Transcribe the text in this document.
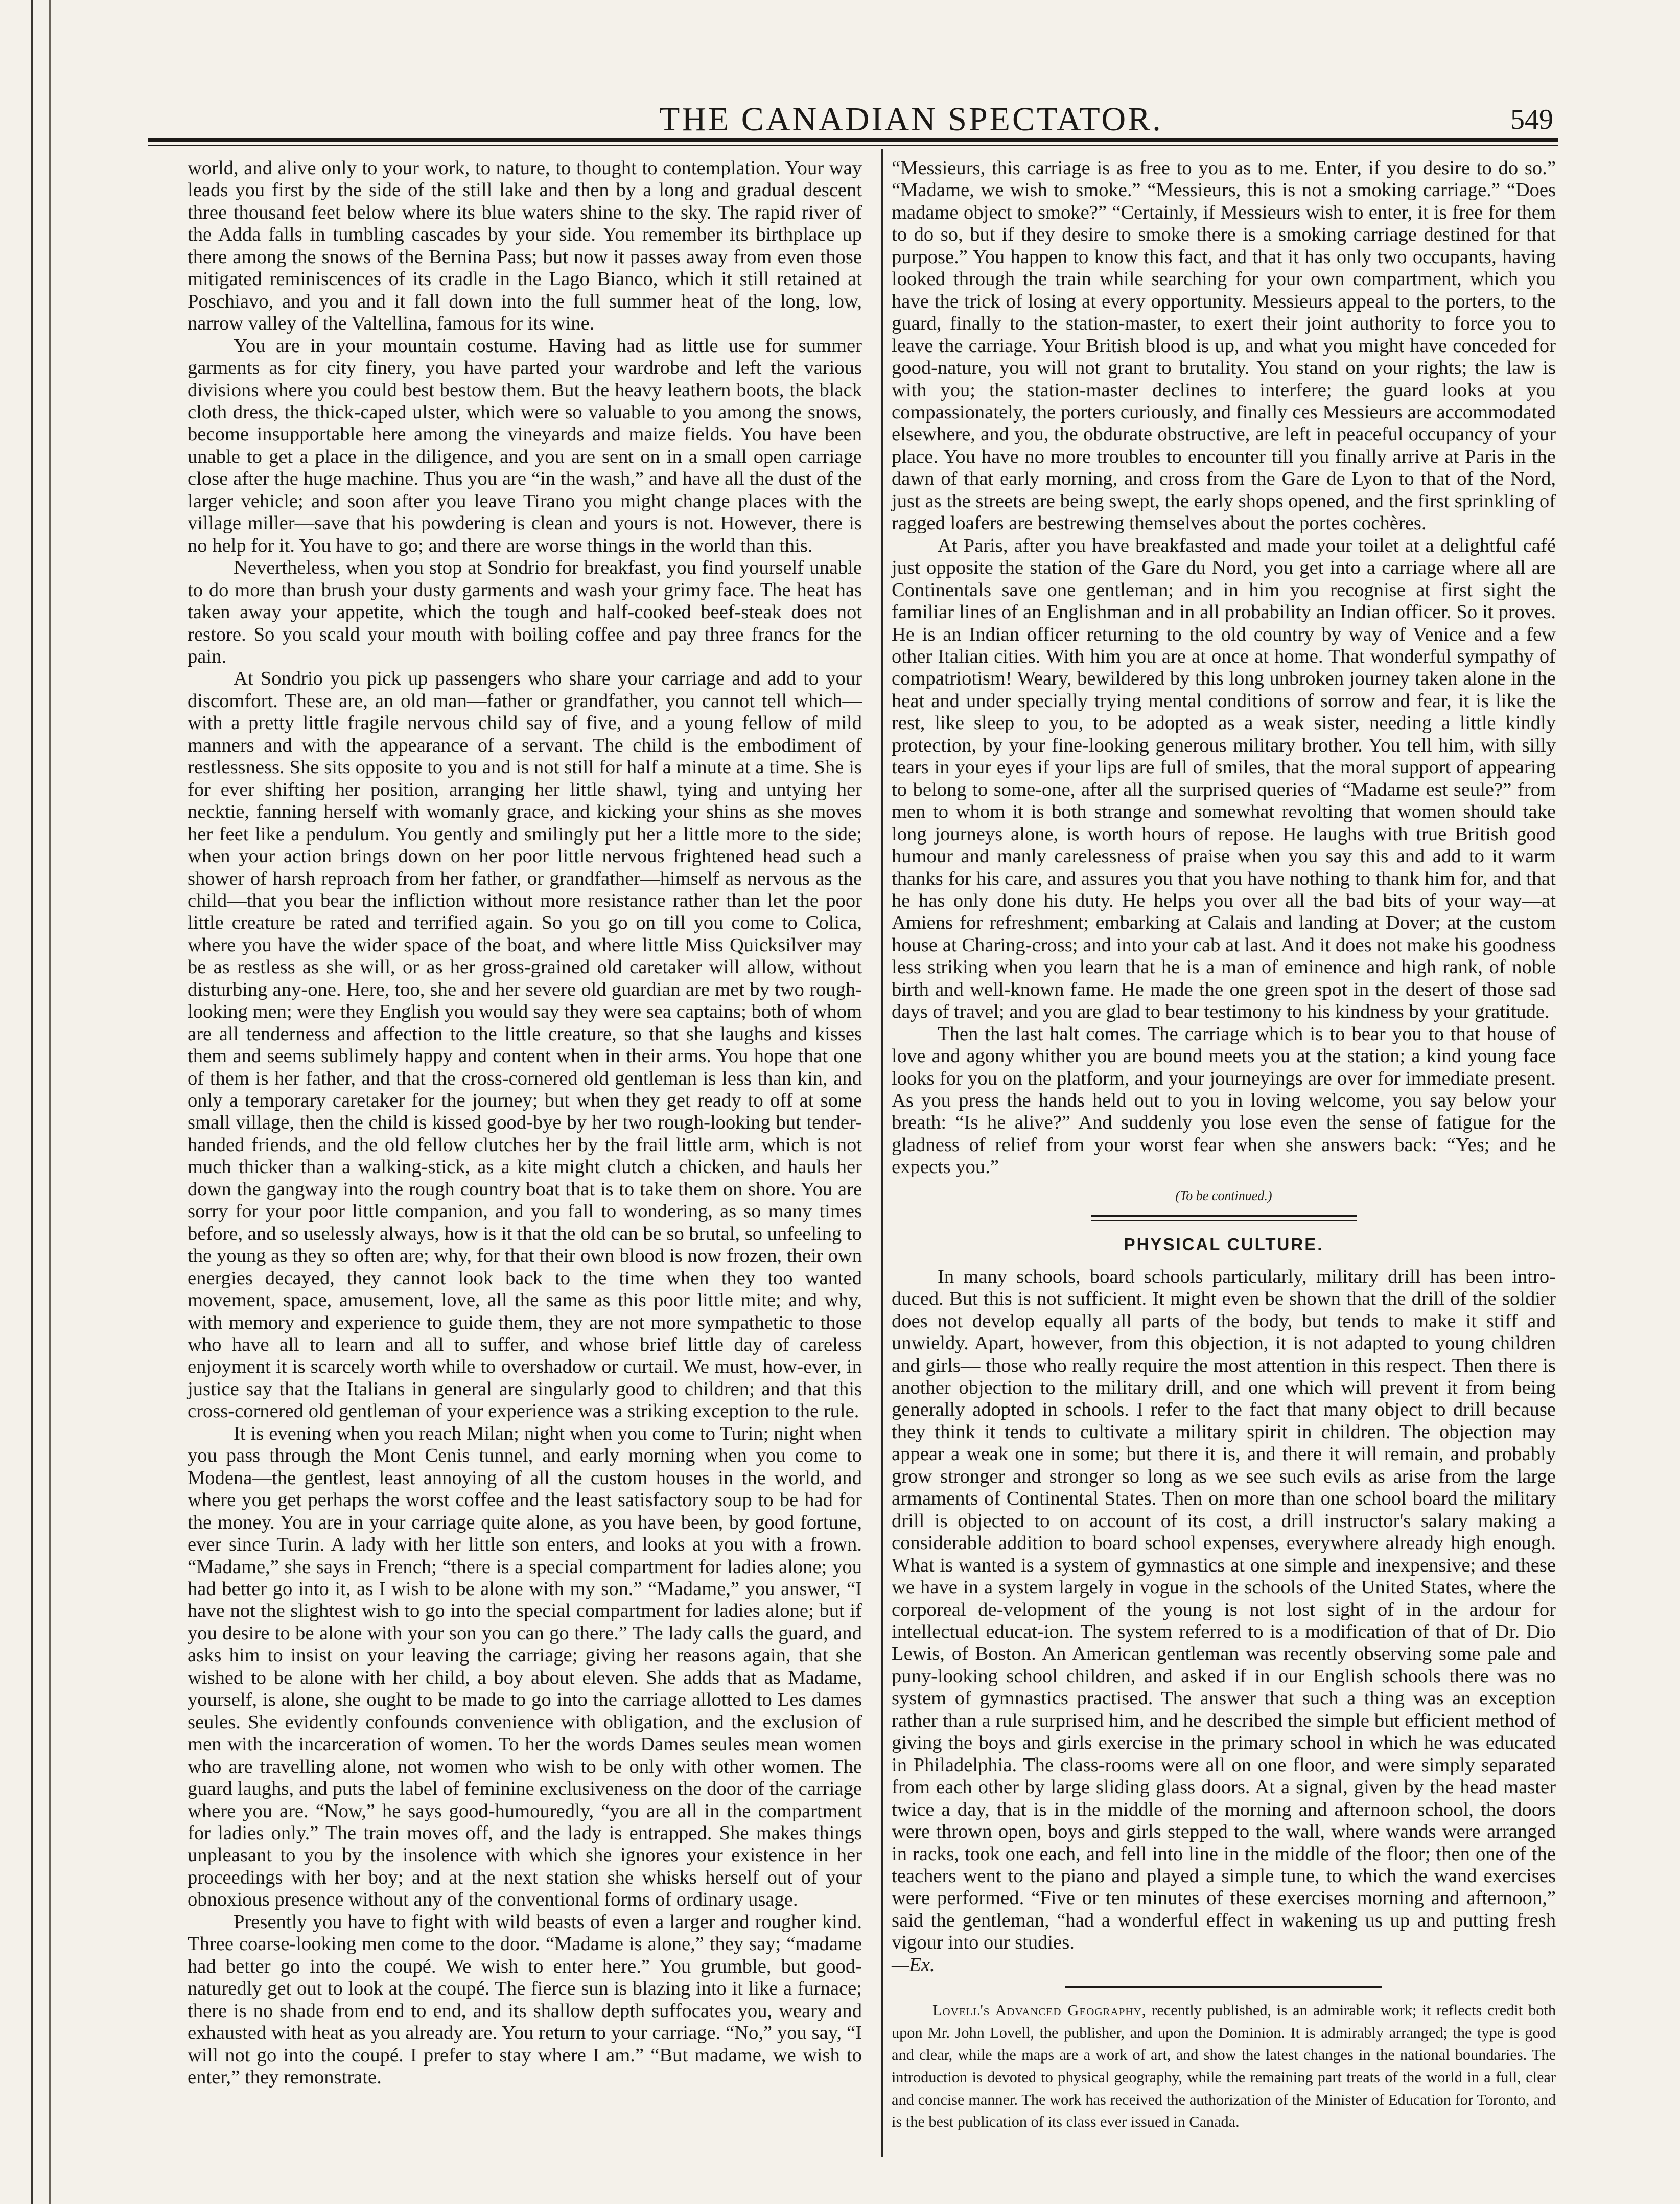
THE CANADIAN SPECTATOR.	549

world, and alive only to your work, to nature, to thought to contemplation. Your way leads you first by the side of the still lake and then by a long and gradual descent three thousand feet below where its blue waters shine to the sky. The rapid river of the Adda falls in tumbling cascades by your side. You remember its birthplace up there among the snows of the Bernina Pass; but now it passes away from even those mitigated reminiscences of its cradle in the Lago Bianco, which it still retained at Poschiavo, and you and it fall down into the full summer heat of the long, low, narrow valley of the Valtellina, famous for its wine.

You are in your mountain costume. Having had as little use for summer garments as for city finery, you have parted your wardrobe and left the various divisions where you could best bestow them. But the heavy leathern boots, the black cloth dress, the thick-caped ulster, which were so valuable to you among the snows, become insupportable here among the vineyards and maize fields. You have been unable to get a place in the diligence, and you are sent on in a small open carriage close after the huge machine. Thus you are “in the wash,” and have all the dust of the larger vehicle; and soon after you leave Tirano you might change places with the village miller—save that his powdering is clean and yours is not. However, there is no help for it. You have to go; and there are worse things in the world than this.

Nevertheless, when you stop at Sondrio for breakfast, you find yourself unable to do more than brush your dusty garments and wash your grimy face. The heat has taken away your appetite, which the tough and half-cooked beef-steak does not restore. So you scald your mouth with boiling coffee and pay three francs for the pain.

At Sondrio you pick up passengers who share your carriage and add to your discomfort. These are, an old man—father or grandfather, you cannot tell which—with a pretty little fragile nervous child say of five, and a young fellow of mild manners and with the appearance of a servant. The child is the embodiment of restlessness. She sits opposite to you and is not still for half a minute at a time. She is for ever shifting her position, arranging her little shawl, tying and untying her necktie, fanning herself with womanly grace, and kicking your shins as she moves her feet like a pendulum. You gently and smilingly put her a little more to the side; when your action brings down on her poor little nervous frightened head such a shower of harsh reproach from her father, or grandfather—himself as nervous as the child—that you bear the infliction without more resistance rather than let the poor little creature be rated and terrified again. So you go on till you come to Colica, where you have the wider space of the boat, and where little Miss Quicksilver may be as restless as she will, or as her gross-grained old caretaker will allow, without disturbing any-one. Here, too, she and her severe old guardian are met by two rough-looking men; were they English you would say they were sea captains; both of whom are all tenderness and affection to the little creature, so that she laughs and kisses them and seems sublimely happy and content when in their arms. You hope that one of them is her father, and that the cross-cornered old gentleman is less than kin, and only a temporary caretaker for the journey; but when they get ready to off at some small village, then the child is kissed good-bye by her two rough-looking but tender-handed friends, and the old fellow clutches her by the frail little arm, which is not much thicker than a walking-stick, as a kite might clutch a chicken, and hauls her down the gangway into the rough country boat that is to take them on shore. You are sorry for your poor little companion, and you fall to wondering, as so many times before, and so uselessly always, how is it that the old can be so brutal, so unfeeling to the young as they so often are; why, for that their own blood is now frozen, their own energies decayed, they cannot look back to the time when they too wanted movement, space, amusement, love, all the same as this poor little mite; and why, with memory and experience to guide them, they are not more sympathetic to those who have all to learn and all to suffer, and whose brief little day of careless enjoyment it is scarcely worth while to overshadow or curtail. We must, how-ever, in justice say that the Italians in general are singularly good to children; and that this cross-cornered old gentleman of your experience was a striking exception to the rule.

It is evening when you reach Milan; night when you come to Turin; night when you pass through the Mont Cenis tunnel, and early morning when you come to Modena—the gentlest, least annoying of all the custom houses in the world, and where you get perhaps the worst coffee and the least satisfactory soup to be had for the money. You are in your carriage quite alone, as you have been, by good fortune, ever since Turin. A lady with her little son enters, and looks at you with a frown. “Madame,” she says in French; “there is a special compartment for ladies alone; you had better go into it, as I wish to be alone with my son.” “Madame,” you answer, “I have not the slightest wish to go into the special compartment for ladies alone; but if you desire to be alone with your son you can go there.” The lady calls the guard, and asks him to insist on your leaving the carriage; giving her reasons again, that she wished to be alone with her child, a boy about eleven. She adds that as Madame, yourself, is alone, she ought to be made to go into the carriage allotted to Les dames seules. She evidently confounds convenience with obligation, and the exclusion of men with the incarceration of women. To her the words Dames seules mean women who are travelling alone, not women who wish to be only with other women. The guard laughs, and puts the label of feminine exclusiveness on the door of the carriage where you are. “Now,” he says good-humouredly, “you are all in the compartment for ladies only.” The train moves off, and the lady is entrapped. She makes things unpleasant to you by the insolence with which she ignores your existence in her proceedings with her boy; and at the next station she whisks herself out of your obnoxious presence without any of the conventional forms of ordinary usage.

Presently you have to fight with wild beasts of even a larger and rougher kind. Three coarse-looking men come to the door. “Madame is alone,” they say; “madame had better go into the coupé. We wish to enter here.” You grumble, but good-naturedly get out to look at the coupé. The fierce sun is blazing into it like a furnace; there is no shade from end to end, and its shallow depth suffocates you, weary and exhausted with heat as you already are. You return to your carriage. “No,” you say, “I will not go into the coupé. I prefer to stay where I am.” “But madame, we wish to enter,” they remonstrate.

“Messieurs, this carriage is as free to you as to me. Enter, if you desire to do so.” “Madame, we wish to smoke.” “Messieurs, this is not a smoking carriage.” “Does madame object to smoke?” “Certainly, if Messieurs wish to enter, it is free for them to do so, but if they desire to smoke there is a smoking carriage destined for that purpose.” You happen to know this fact, and that it has only two occupants, having looked through the train while searching for your own compartment, which you have the trick of losing at every opportunity. Messieurs appeal to the porters, to the guard, finally to the station-master, to exert their joint authority to force you to leave the carriage. Your British blood is up, and what you might have conceded for good-nature, you will not grant to brutality. You stand on your rights; the law is with you; the station-master declines to interfere; the guard looks at you compassionately, the porters curiously, and finally ces Messieurs are accommodated elsewhere, and you, the obdurate obstructive, are left in peaceful occupancy of your place. You have no more troubles to encounter till you finally arrive at Paris in the dawn of that early morning, and cross from the Gare de Lyon to that of the Nord, just as the streets are being swept, the early shops opened, and the first sprinkling of ragged loafers are bestrewing themselves about the portes cochères.

At Paris, after you have breakfasted and made your toilet at a delightful café just opposite the station of the Gare du Nord, you get into a carriage where all are Continentals save one gentleman; and in him you recognise at first sight the familiar lines of an Englishman and in all probability an Indian officer. So it proves. He is an Indian officer returning to the old country by way of Venice and a few other Italian cities. With him you are at once at home. That wonderful sympathy of compatriotism! Weary, bewildered by this long unbroken journey taken alone in the heat and under specially trying mental conditions of sorrow and fear, it is like the rest, like sleep to you, to be adopted as a weak sister, needing a little kindly protection, by your fine-looking generous military brother. You tell him, with silly tears in your eyes if your lips are full of smiles, that the moral support of appearing to belong to some-one, after all the surprised queries of “Madame est seule?” from men to whom it is both strange and somewhat revolting that women should take long journeys alone, is worth hours of repose. He laughs with true British good humour and manly carelessness of praise when you say this and add to it warm thanks for his care, and assures you that you have nothing to thank him for, and that he has only done his duty. He helps you over all the bad bits of your way—at Amiens for refreshment; embarking at Calais and landing at Dover; at the custom house at Charing-cross; and into your cab at last. And it does not make his goodness less striking when you learn that he is a man of eminence and high rank, of noble birth and well-known fame. He made the one green spot in the desert of those sad days of travel; and you are glad to bear testimony to his kindness by your gratitude.

Then the last halt comes. The carriage which is to bear you to that house of love and agony whither you are bound meets you at the station; a kind young face looks for you on the platform, and your journeyings are over for immediate present. As you press the hands held out to you in loving welcome, you say below your breath: “Is he alive?” And suddenly you lose even the sense of fatigue for the gladness of relief from your worst fear when she answers back: “Yes; and he expects you.”

(To be continued.)
PHYSICAL CULTURE.

In many schools, board schools particularly, military drill has been intro-duced. But this is not sufficient. It might even be shown that the drill of the soldier does not develop equally all parts of the body, but tends to make it stiff and unwieldy. Apart, however, from this objection, it is not adapted to young children and girls— those who really require the most attention in this respect. Then there is another objection to the military drill, and one which will prevent it from being generally adopted in schools. I refer to the fact that many object to drill because they think it tends to cultivate a military spirit in children. The objection may appear a weak one in some; but there it is, and there it will remain, and probably grow stronger and stronger so long as we see such evils as arise from the large armaments of Continental States. Then on more than one school board the military drill is objected to on account of its cost, a drill instructor's salary making a considerable addition to board school expenses, everywhere already high enough. What is wanted is a system of gymnastics at one simple and inexpensive; and these we have in a system largely in vogue in the schools of the United States, where the corporeal de-velopment of the young is not lost sight of in the ardour for intellectual educat-ion. The system referred to is a modification of that of Dr. Dio Lewis, of Boston. An American gentleman was recently observing some pale and puny-looking school children, and asked if in our English schools there was no system of gymnastics practised. The answer that such a thing was an exception rather than a rule surprised him, and he described the simple but efficient method of giving the boys and girls exercise in the primary school in which he was educated in Philadelphia. The class-rooms were all on one floor, and were simply separated from each other by large sliding glass doors. At a signal, given by the head master twice a day, that is in the middle of the morning and afternoon school, the doors were thrown open, boys and girls stepped to the wall, where wands were arranged in racks, took one each, and fell into line in the middle of the floor; then one of the teachers went to the piano and played a simple tune, to which the wand exercises were performed. “Five or ten minutes of these exercises morning and afternoon,” said the gentleman, “had a wonderful effect in wakening us up and putting fresh vigour into our studies.

—Ex.

Lovell's Advanced Geography, recently published, is an admirable work; it reflects credit both upon Mr. John Lovell, the publisher, and upon the Dominion. It is admirably arranged; the type is good and clear, while the maps are a work of art, and show the latest changes in the national boundaries. The introduction is devoted to physical geography, while the remaining part treats of the world in a full, clear and concise manner. The work has received the authorization of the Minister of Education for Toronto, and is the best publication of its class ever issued in Canada.
